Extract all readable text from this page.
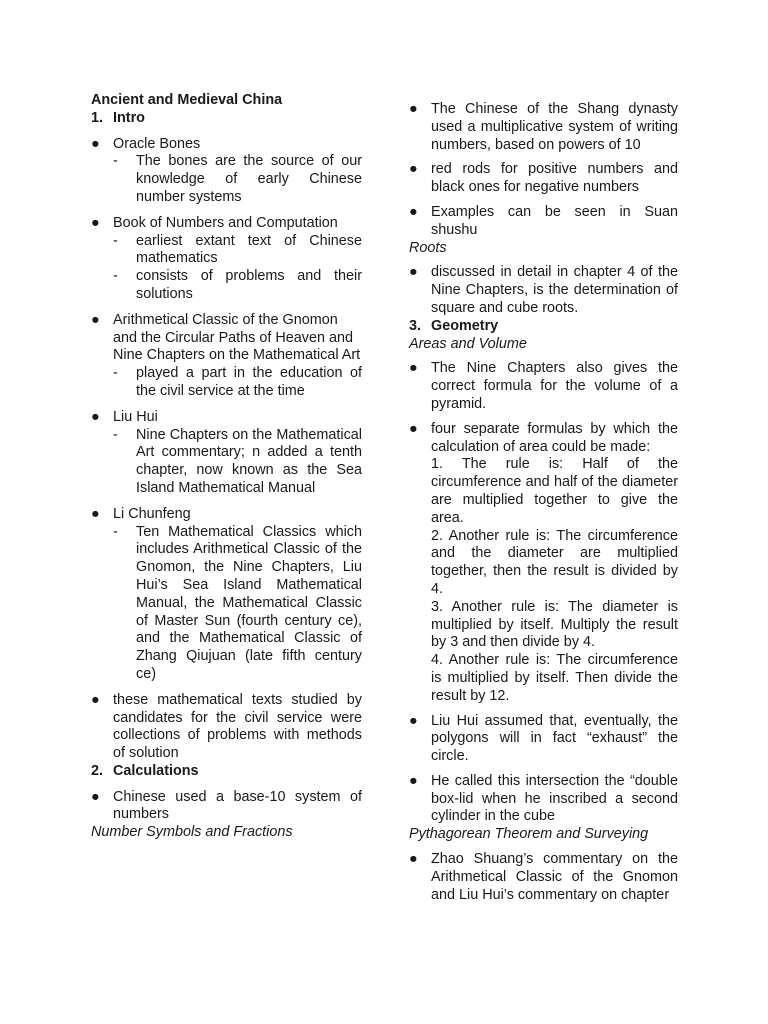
Ancient and Medieval China

1. Intro

● Oracle Bones
- The bones are the source of our knowledge of early Chinese number systems
● Book of Numbers and Computation
- earliest extant text of Chinese mathematics
- consists of problems and their solutions
● Arithmetical Classic of the Gnomon and the Circular Paths of Heaven and Nine Chapters on the Mathematical Art
- played a part in the education of the civil service at the time
● Liu Hui
- Nine Chapters on the Mathematical Art commentary; n added a tenth chapter, now known as the Sea Island Mathematical Manual
● Li Chunfeng
- Ten Mathematical Classics which includes Arithmetical Classic of the Gnomon, the Nine Chapters, Liu Hui’s Sea Island Mathematical Manual, the Mathematical Classic of Master Sun (fourth century ce), and the Mathematical Classic of Zhang Qiujuan (late fifth century ce)
● these mathematical texts studied by candidates for the civil service were collections of problems with methods of solution

2. Calculations

● Chinese used a base-10 system of numbers

Number Symbols and Fractions

● The Chinese of the Shang dynasty used a multiplicative system of writing numbers, based on powers of 10
● red rods for positive numbers and black ones for negative numbers
● Examples can be seen in Suan shushu

Roots

● discussed in detail in chapter 4 of the Nine Chapters, is the determination of square and cube roots.

3. Geometry

Areas and Volume

● The Nine Chapters also gives the correct formula for the volume of a pyramid.
● four separate formulas by which the calculation of area could be made:
1. The rule is: Half of the circumference and half of the diameter are multiplied together to give the area.
2. Another rule is: The circumference and the diameter are multiplied together, then the result is divided by 4.
3. Another rule is: The diameter is multiplied by itself. Multiply the result by 3 and then divide by 4.
4. Another rule is: The circumference is multiplied by itself. Then divide the result by 12.
● Liu Hui assumed that, eventually, the polygons will in fact “exhaust” the circle.
● He called this intersection the “double box-lid when he inscribed a second cylinder in the cube

Pythagorean Theorem and Surveying

● Zhao Shuang’s commentary on the Arithmetical Classic of the Gnomon and Liu Hui’s commentary on chapter
